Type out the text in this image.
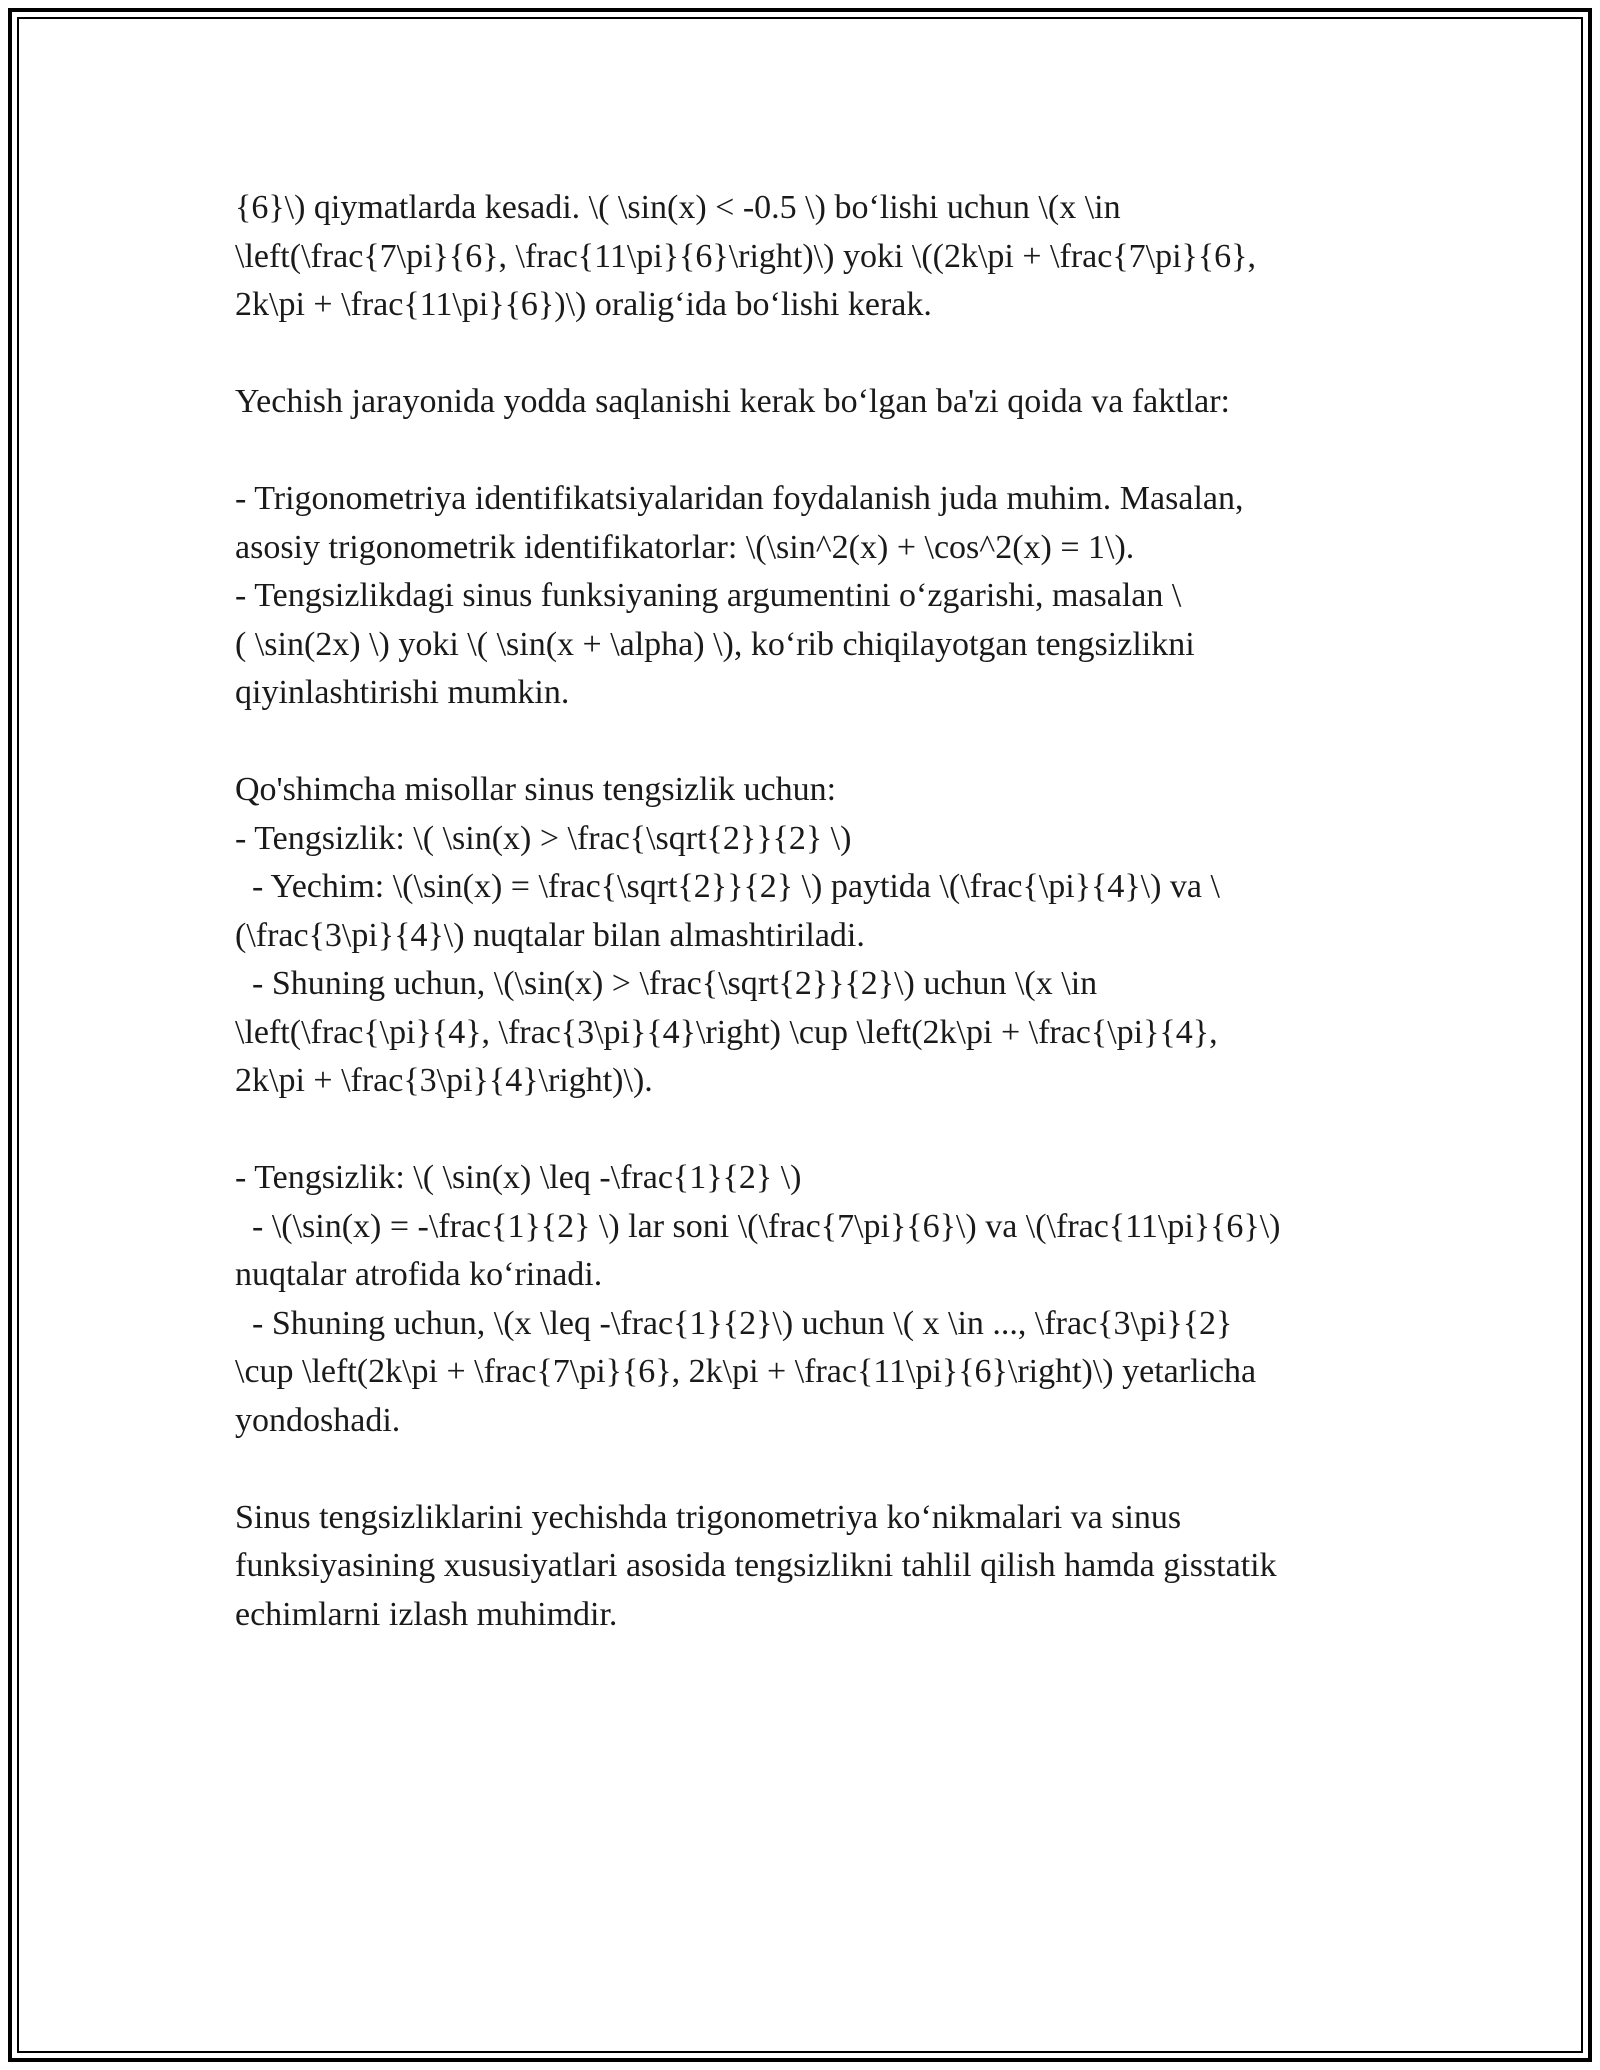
{6}\) qiymatlarda kesadi. \( \sin(x) < -0.5 \) bo‘lishi uchun \(x \in
\left(\frac{7\pi}{6}, \frac{11\pi}{6}\right)\) yoki \((2k\pi + \frac{7\pi}{6},
2k\pi + \frac{11\pi}{6})\) oralig‘ida bo‘lishi kerak.
Yechish jarayonida yodda saqlanishi kerak bo‘lgan ba'zi qoida va faktlar:
- Trigonometriya identifikatsiyalaridan foydalanish juda muhim. Masalan,
asosiy trigonometrik identifikatorlar: \(\sin^2(x) + \cos^2(x) = 1\).
- Tengsizlikdagi sinus funksiyaning argumentini o‘zgarishi, masalan \
( \sin(2x) \) yoki \( \sin(x + \alpha) \), ko‘rib chiqilayotgan tengsizlikni
qiyinlashtirishi mumkin.
Qo'shimcha misollar sinus tengsizlik uchun:
- Tengsizlik: \( \sin(x) > \frac{\sqrt{2}}{2} \)
- Yechim: \(\sin(x) = \frac{\sqrt{2}}{2} \) paytida \(\frac{\pi}{4}\) va \
(\frac{3\pi}{4}\) nuqtalar bilan almashtiriladi.
- Shuning uchun, \(\sin(x) > \frac{\sqrt{2}}{2}\) uchun \(x \in
\left(\frac{\pi}{4}, \frac{3\pi}{4}\right) \cup \left(2k\pi + \frac{\pi}{4},
2k\pi + \frac{3\pi}{4}\right)\).
- Tengsizlik: \( \sin(x) \leq -\frac{1}{2} \)
- \(\sin(x) = -\frac{1}{2} \) lar soni \(\frac{7\pi}{6}\) va \(\frac{11\pi}{6}\)
nuqtalar atrofida ko‘rinadi.
- Shuning uchun, \(x \leq -\frac{1}{2}\) uchun \( x \in ..., \frac{3\pi}{2}
\cup \left(2k\pi + \frac{7\pi}{6}, 2k\pi + \frac{11\pi}{6}\right)\) yetarlicha
yondoshadi.
Sinus tengsizliklarini yechishda trigonometriya ko‘nikmalari va sinus
funksiyasining xususiyatlari asosida tengsizlikni tahlil qilish hamda gisstatik
echimlarni izlash muhimdir.
